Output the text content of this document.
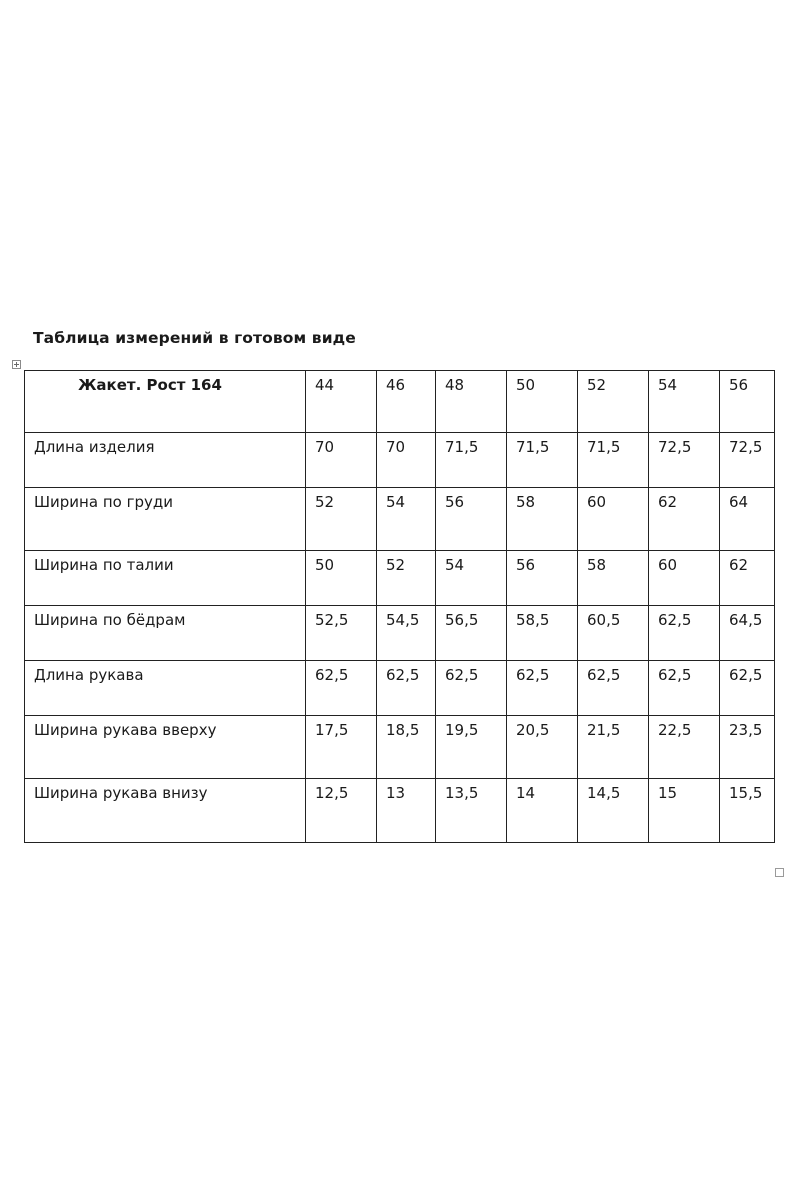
Таблица измерений в готовом виде
Жакет. Рост 164	44	46	48	50	52	54	56
Длина изделия	70	70	71,5	71,5	71,5	72,5	72,5
Ширина по груди	52	54	56	58	60	62	64
Ширина по талии	50	52	54	56	58	60	62
Ширина по бёдрам	52,5	54,5	56,5	58,5	60,5	62,5	64,5
Длина рукава	62,5	62,5	62,5	62,5	62,5	62,5	62,5
Ширина рукава вверху	17,5	18,5	19,5	20,5	21,5	22,5	23,5
Ширина рукава внизу	12,5	13	13,5	14	14,5	15	15,5
